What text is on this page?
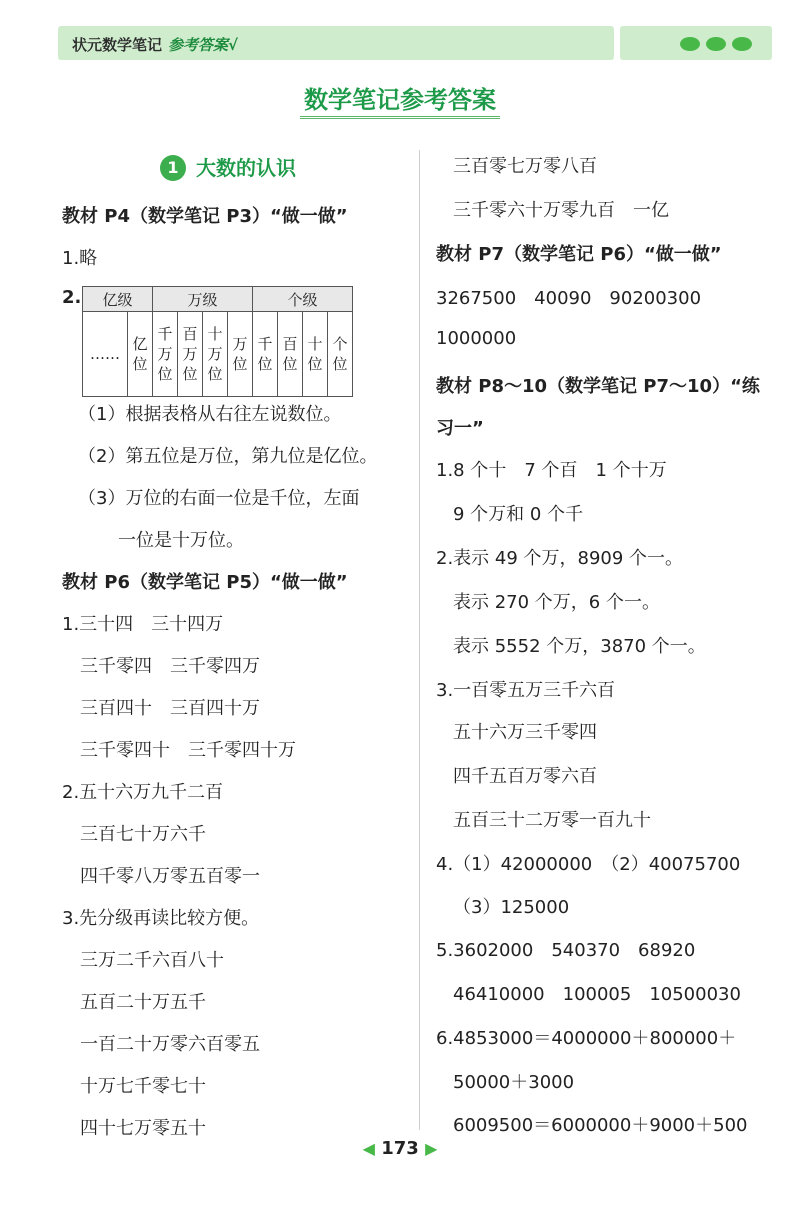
状元数学笔记 参考答案√
数学笔记参考答案
1 大数的认识
教材 P4（数学笔记 P3）“做一做”
1.略
2. 亿级		万级				个级			
……	亿位	千万位	百万位	十万位	万位	千位	百位	十位	个位
（1）根据表格从右往左说数位。
（2）第五位是万位，第九位是亿位。
（3）万位的右面一位是千位，左面
一位是十万位。
教材 P6（数学笔记 P5）“做一做”
1.三十四　三十四万
三千零四　三千零四万
三百四十　三百四十万
三千零四十　三千零四十万
2.五十六万九千二百
三百七十万六千
四千零八万零五百零一
3.先分级再读比较方便。
三万二千六百八十
五百二十万五千
一百二十万零六百零五
十万七千零七十
四十七万零五十
三百零七万零八百
三千零六十万零九百　一亿
教材 P7（数学笔记 P6）“做一做”
3267500　40090　90200300
1000000
教材 P8～10（数学笔记 P7～10）“练
习一”
1.8 个十　7 个百　1 个十万
9 个万和 0 个千
2.表示 49 个万，8909 个一。
表示 270 个万，6 个一。
表示 5552 个万，3870 个一。
3.一百零五万三千六百
五十六万三千零四
四千五百万零六百
五百三十二万零一百九十
4.（1）42000000　（2）40075700
（3）125000
5.3602000　540370　68920
46410000　100005　10500030
6.4853000＝4000000＋800000＋
50000＋3000
6009500＝6000000＋9000＋500
◀ 173 ▶
